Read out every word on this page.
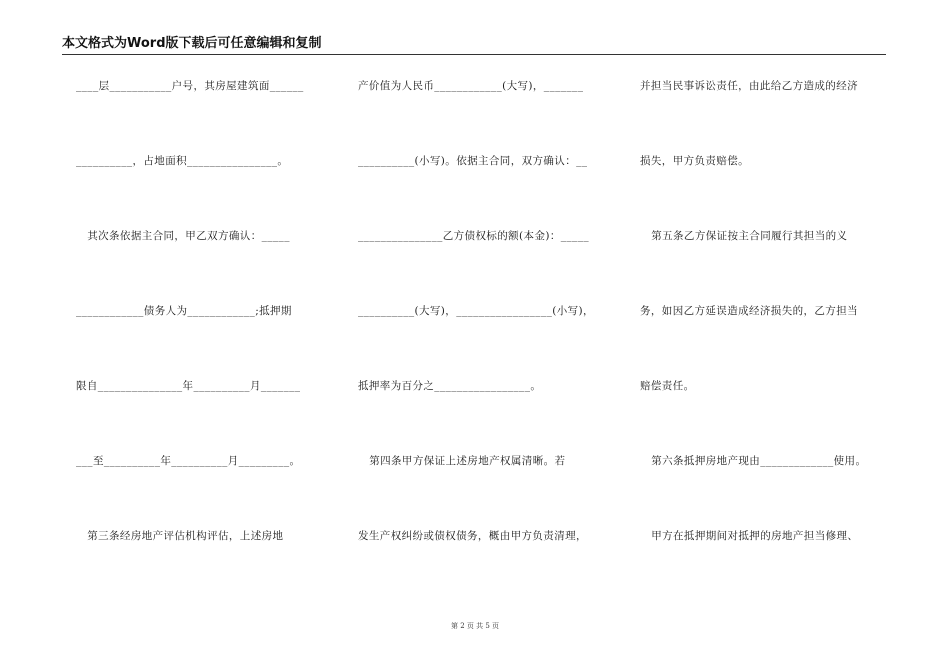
本文格式为Word版下载后可任意编辑和复制
____层___________户号，其房屋建筑面______
__________，占地面积________________。
其次条依据主合同，甲乙双方确认：_____
____________债务人为____________;抵押期
限自_______________年__________月_______
___至__________年__________月_________。
第三条经房地产评估机构评估，上述房地
产价值为人民币____________(大写)，_______
__________(小写)。依据主合同，双方确认：__
_______________乙方债权标的额(本金)：_____
__________(大写)，_________________(小写)，
抵押率为百分之_________________。
第四条甲方保证上述房地产权属清晰。若
发生产权纠纷或债权债务，概由甲方负责清理，
并担当民事诉讼责任，由此给乙方造成的经济
损失，甲方负责赔偿。
第五条乙方保证按主合同履行其担当的义
务，如因乙方延误造成经济损失的，乙方担当
赔偿责任。
第六条抵押房地产现由_____________使用。
甲方在抵押期间对抵押的房地产担当修理、
第 2 页 共 5 页
